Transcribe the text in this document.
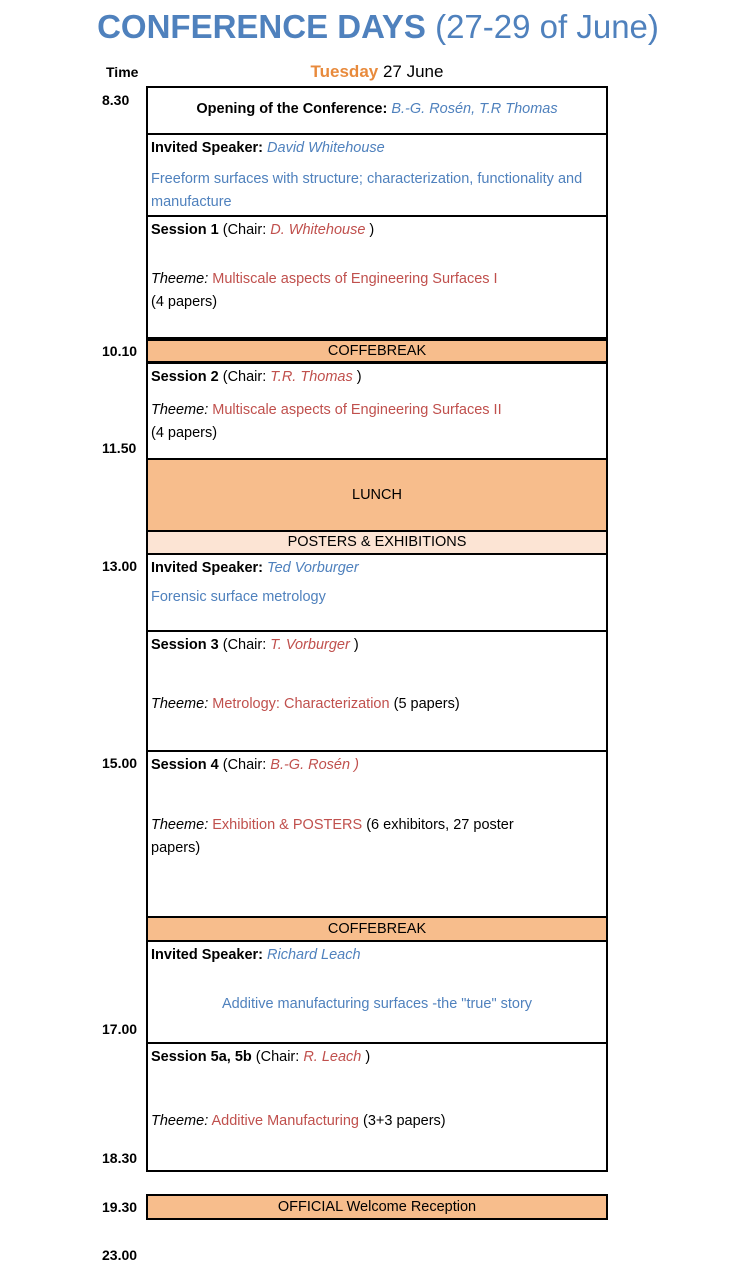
CONFERENCE DAYS (27-29 of June)
Time	Tuesday 27 June
8.30
10.10
11.50
13.00
15.00
17.00
18.30
19.30
23.00
Opening of the Conference: B.-G. Rosén, T.R Thomas
Invited Speaker: David Whitehouse
Freeform surfaces with structure; characterization, functionality and manufacture
Session 1 (Chair: D. Whitehouse )
Theeme: Multiscale aspects of Engineering Surfaces I
(4 papers)
COFFEBREAK
Session 2 (Chair: T.R. Thomas )
Theeme: Multiscale aspects of Engineering Surfaces II
(4 papers)
LUNCH
POSTERS & EXHIBITIONS
Invited Speaker: Ted Vorburger
Forensic surface metrology
Session 3 (Chair: T. Vorburger )
Theeme: Metrology: Characterization (5 papers)
Session 4 (Chair: B.-G. Rosén )
Theeme: Exhibition & POSTERS (6 exhibitors, 27 poster papers)
COFFEBREAK
Invited Speaker: Richard Leach
Additive manufacturing surfaces -the "true" story
Session 5a, 5b (Chair: R. Leach )
Theeme: Additive Manufacturing (3+3 papers)
OFFICIAL Welcome Reception
